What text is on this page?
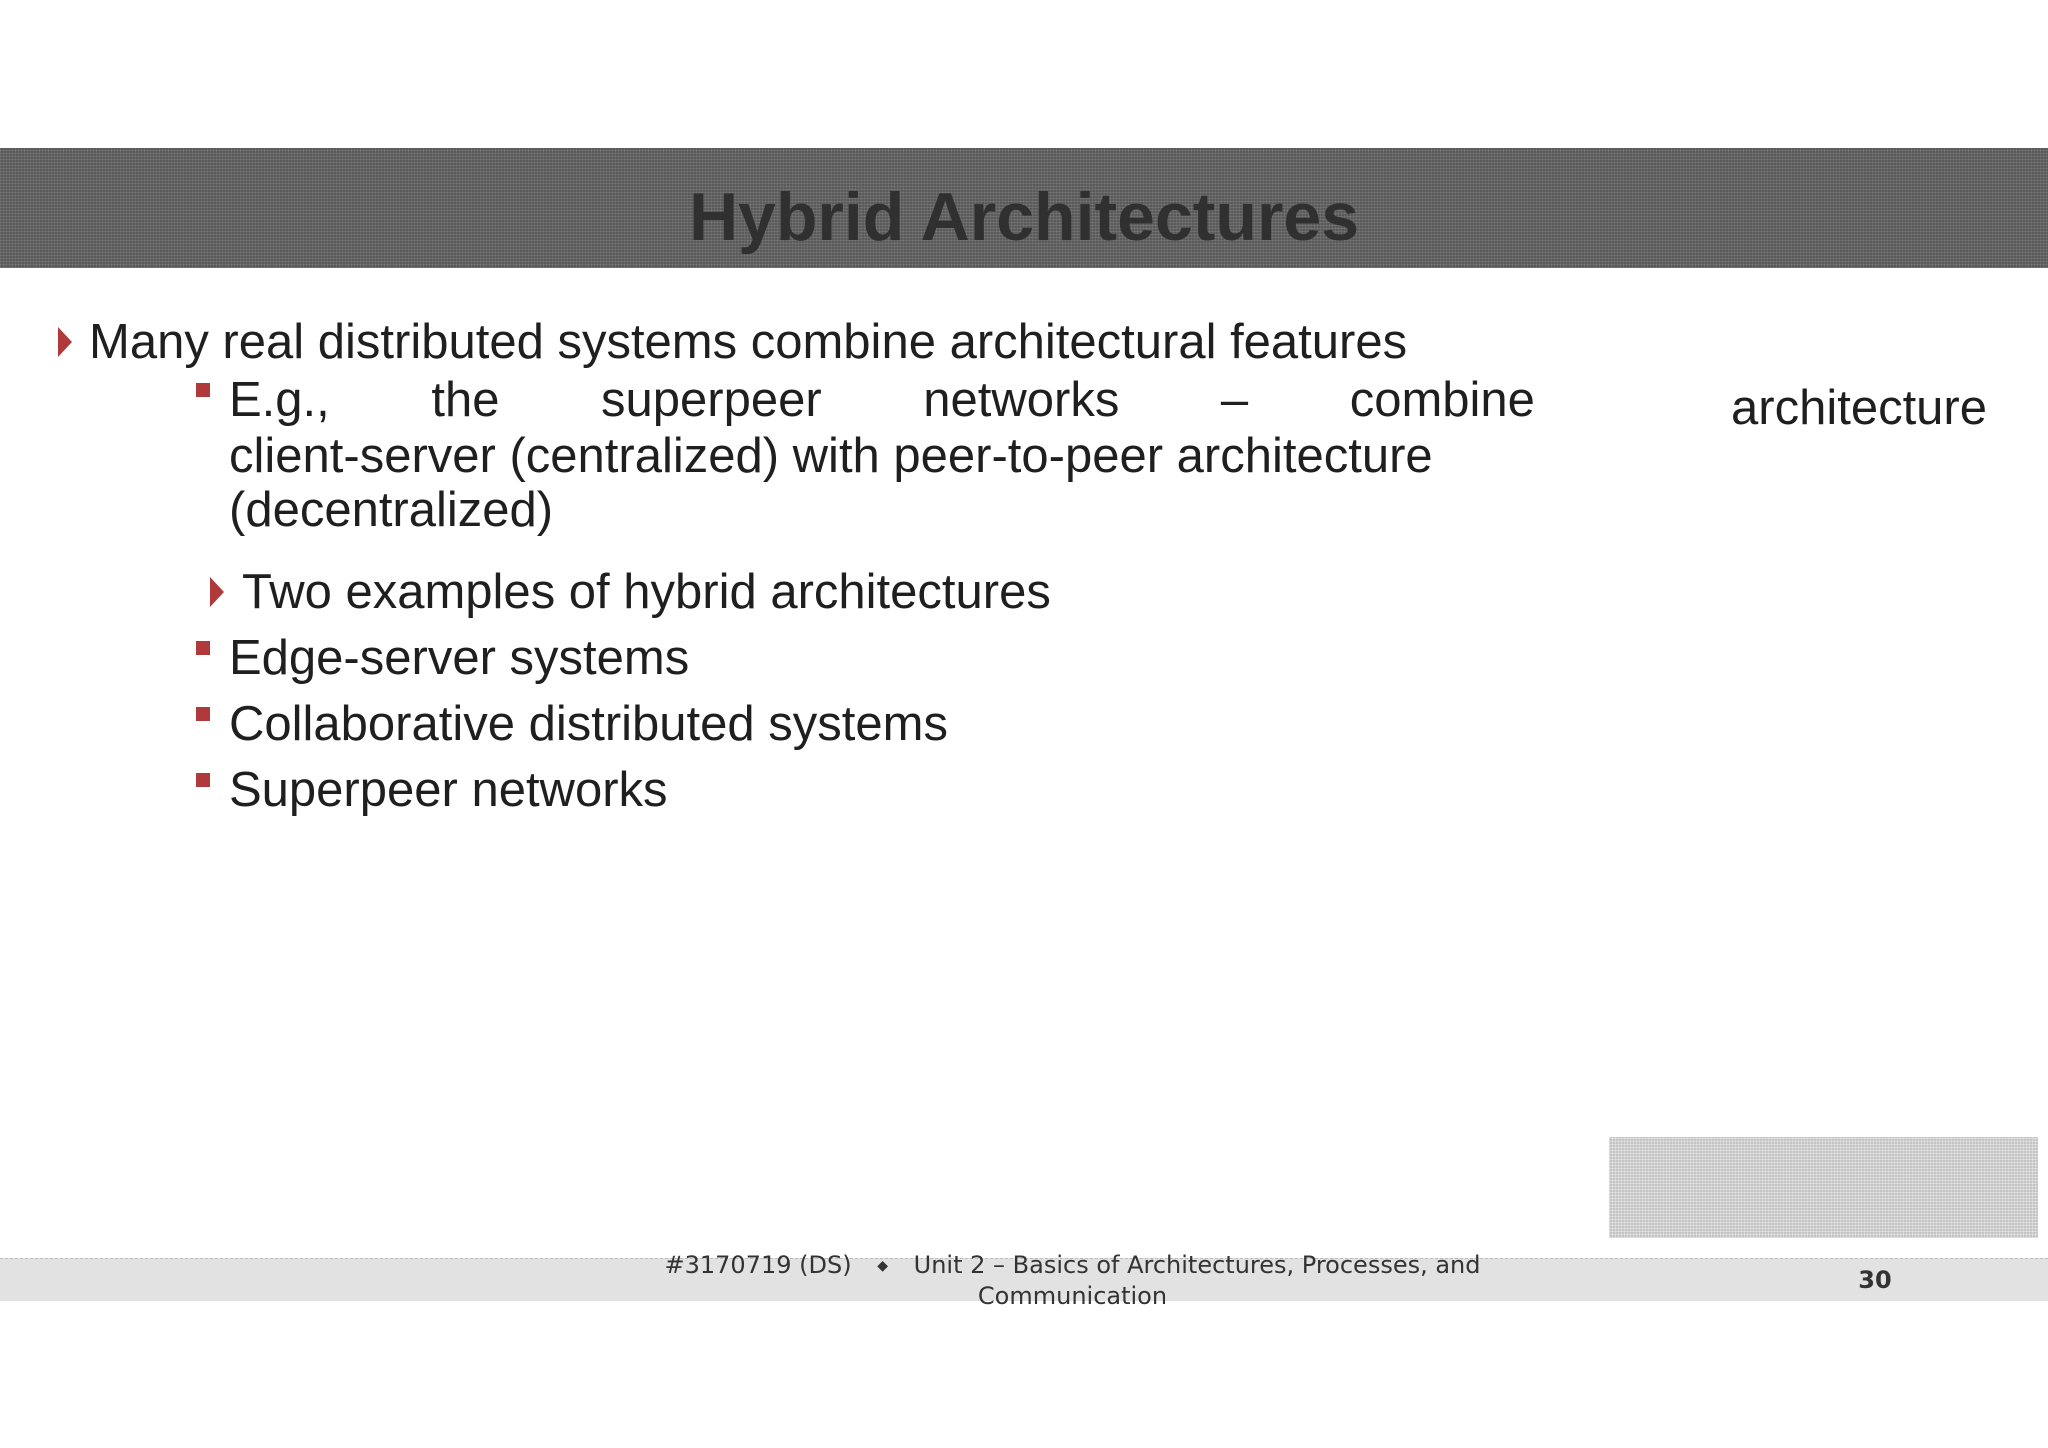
Hybrid Architectures
Many real distributed systems combine architectural features
E.g., the superpeer networks – combine	architecture
client-server (centralized) with peer-to-peer architecture
(decentralized)
Two examples of hybrid architectures
Edge-server systems
Collaborative distributed systems
Superpeer networks
#3170719 (DS) ◆ Unit 2 – Basics of Architectures, Processes, and
Communication
30
